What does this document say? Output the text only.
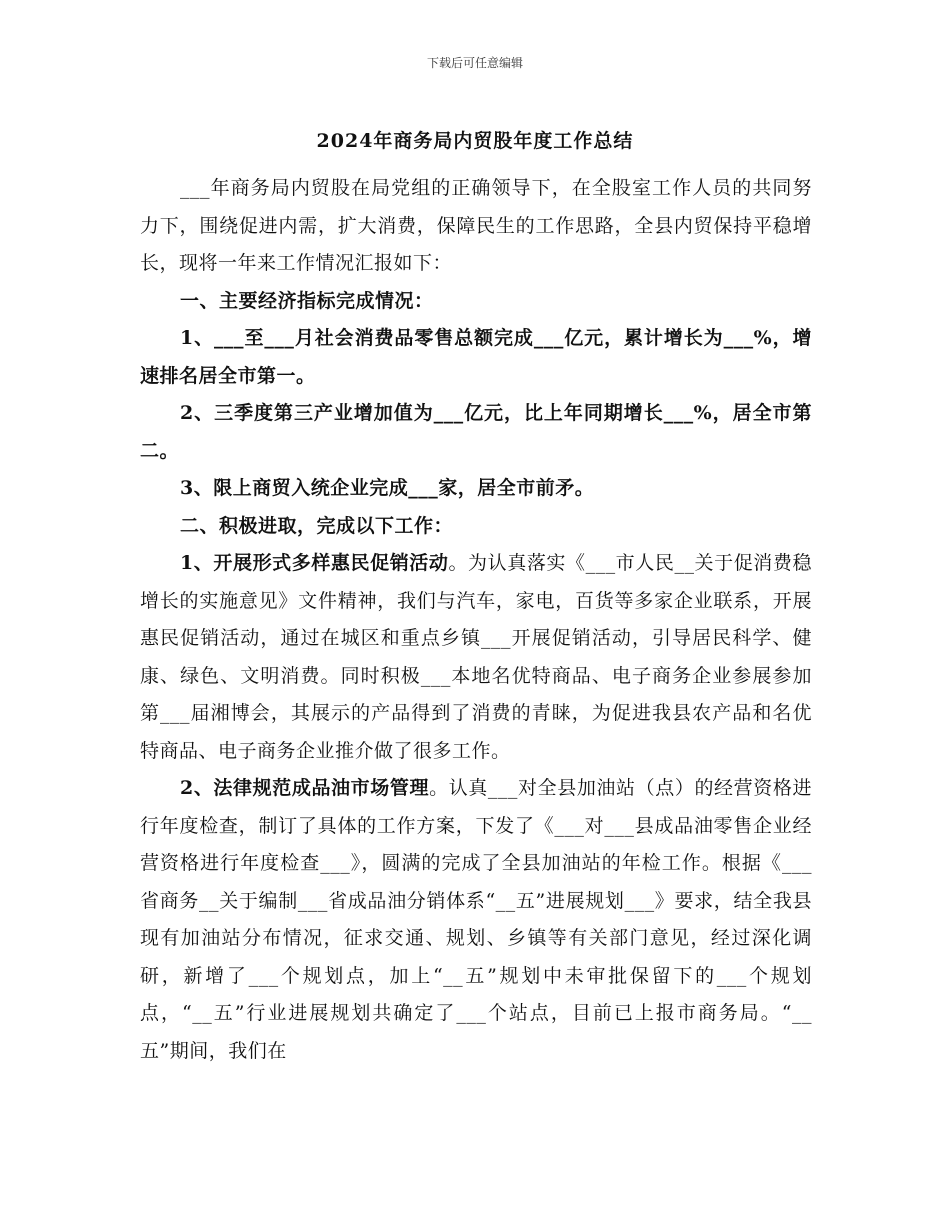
下载后可任意编辑
2024年商务局内贸股年度工作总结

___年商务局内贸股在局党组的正确领导下，在全股室工作人员的共同努力下，围绕促进内需，扩大消费，保障民生的工作思路，全县内贸保持平稳增长，现将一年来工作情况汇报如下：

一、主要经济指标完成情况：

1、___至___月社会消费品零售总额完成___亿元，累计增长为___%，增速排名居全市第一。

2、三季度第三产业增加值为___亿元，比上年同期增长___%，居全市第二。

3、限上商贸入统企业完成___家，居全市前矛。

二、积极进取，完成以下工作：

1、开展形式多样惠民促销活动。为认真落实《___市人民__关于促消费稳增长的实施意见》文件精神，我们与汽车，家电，百货等多家企业联系，开展惠民促销活动，通过在城区和重点乡镇___开展促销活动，引导居民科学、健康、绿色、文明消费。同时积极___本地名优特商品、电子商务企业参展参加第___届湘博会，其展示的产品得到了消费的青睐，为促进我县农产品和名优特商品、电子商务企业推介做了很多工作。

2、法律规范成品油市场管理。认真___对全县加油站（点）的经营资格进行年度检查，制订了具体的工作方案，下发了《___对___县成品油零售企业经营资格进行年度检查___》，圆满的完成了全县加油站的年检工作。根据《___省商务__关于编制___省成品油分销体系“__五”进展规划___》要求，结全我县现有加油站分布情况，征求交通、规划、乡镇等有关部门意见，经过深化调研，新增了___个规划点，加上“__五”规划中未审批保留下的___个规划点，“__五”行业进展规划共确定了___个站点，目前已上报市商务局。“__五”期间，我们在
